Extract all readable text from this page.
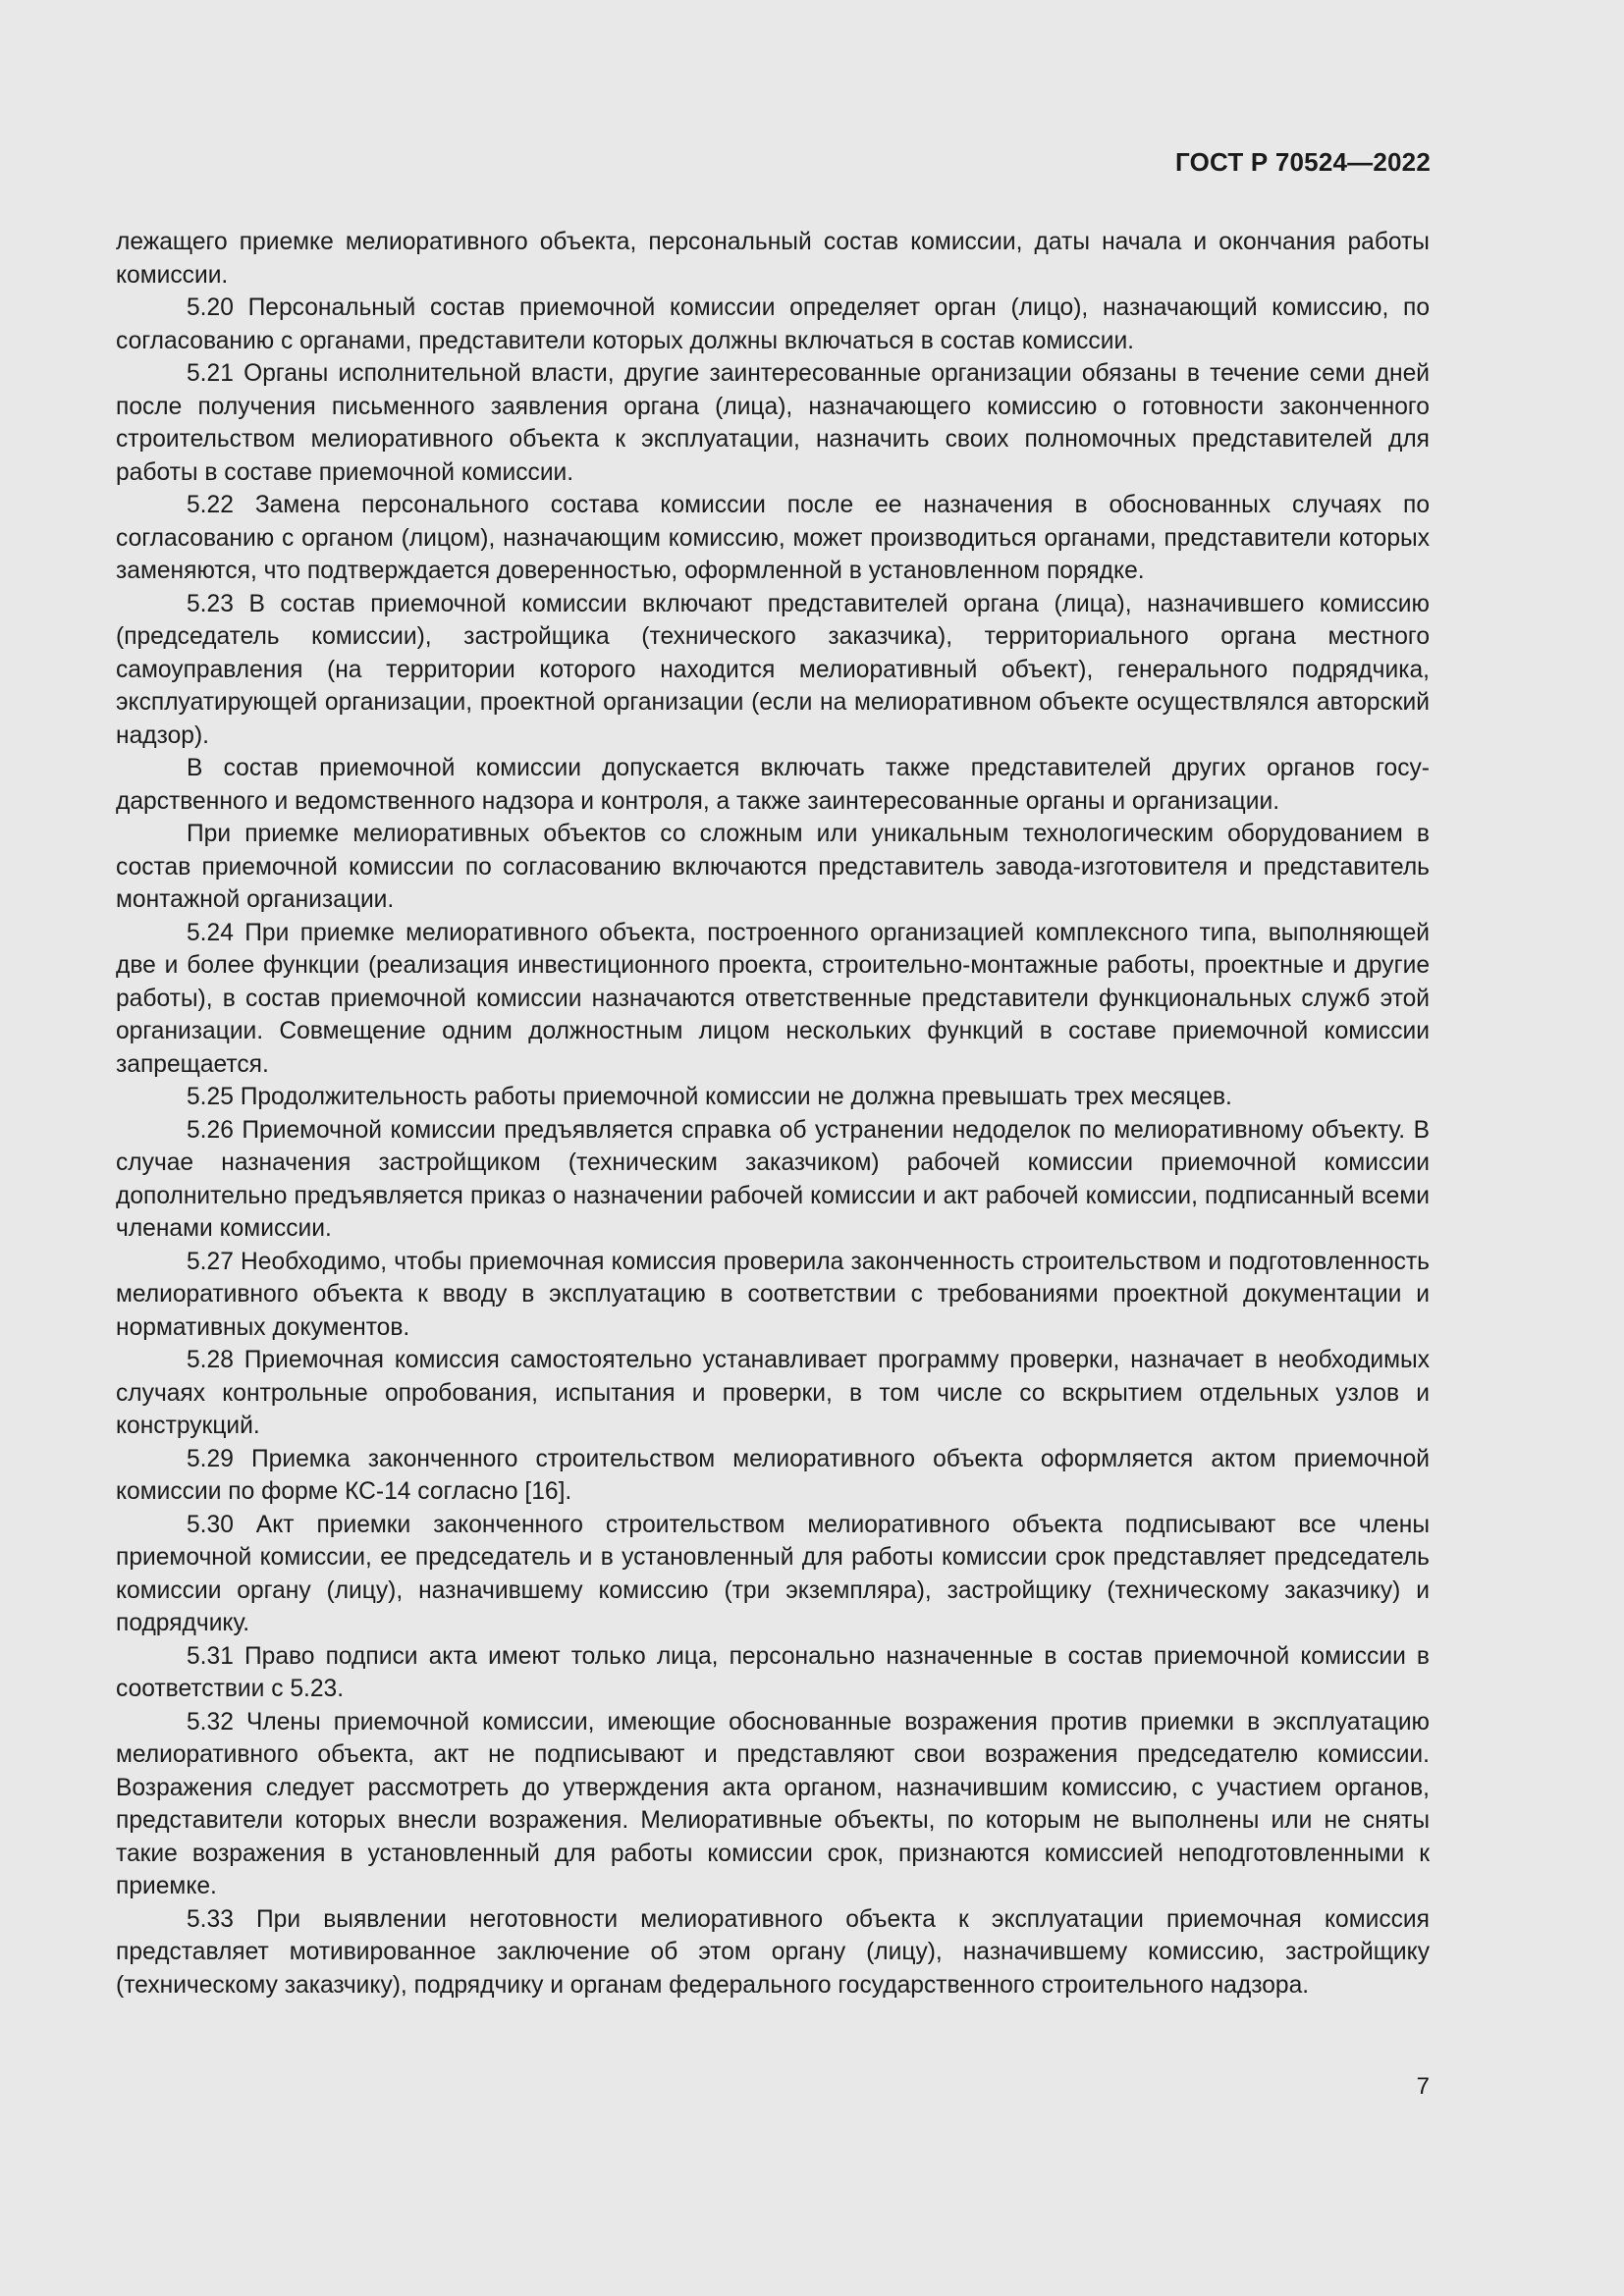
ГОСТ Р 70524—2022

лежащего приемке мелиоративного объекта, персональный состав комиссии, даты начала и окончания работы комиссии.

5.20 Персональный состав приемочной комиссии определяет орган (лицо), назначающий комиссию, по согласованию с органами, представители которых должны включаться в состав комиссии.

5.21 Органы исполнительной власти, другие заинтересованные организации обязаны в течение семи дней после получения письменного заявления органа (лица), назначающего комиссию о готовности законченного строительством мелиоративного объекта к эксплуатации, назначить своих полномочных представителей для работы в составе приемочной комиссии.

5.22 Замена персонального состава комиссии после ее назначения в обоснованных случаях по согласованию с органом (лицом), назначающим комиссию, может производиться органами, представители которых заменяются, что подтверждается доверенностью, оформленной в установленном порядке.

5.23 В состав приемочной комиссии включают представителей органа (лица), назначившего комиссию (председатель комиссии), застройщика (технического заказчика), территориального органа местного самоуправления (на территории которого находится мелиоративный объект), генерального подрядчика, эксплуатирующей организации, проектной организации (если на мелиоративном объекте осуществлялся авторский надзор).

В состав приемочной комиссии допускается включать также представителей других органов государственного и ведомственного надзора и контроля, а также заинтересованные органы и организации.

При приемке мелиоративных объектов со сложным или уникальным технологическим оборудованием в состав приемочной комиссии по согласованию включаются представитель завода-изготовителя и представитель монтажной организации.

5.24 При приемке мелиоративного объекта, построенного организацией комплексного типа, выполняющей две и более функции (реализация инвестиционного проекта, строительно-монтажные работы, проектные и другие работы), в состав приемочной комиссии назначаются ответственные представители функциональных служб этой организации. Совмещение одним должностным лицом нескольких функций в составе приемочной комиссии запрещается.

5.25 Продолжительность работы приемочной комиссии не должна превышать трех месяцев.

5.26 Приемочной комиссии предъявляется справка об устранении недоделок по мелиоративному объекту. В случае назначения застройщиком (техническим заказчиком) рабочей комиссии приемочной комиссии дополнительно предъявляется приказ о назначении рабочей комиссии и акт рабочей комиссии, подписанный всеми членами комиссии.

5.27 Необходимо, чтобы приемочная комиссия проверила законченность строительством и подготовленность мелиоративного объекта к вводу в эксплуатацию в соответствии с требованиями проектной документации и нормативных документов.

5.28 Приемочная комиссия самостоятельно устанавливает программу проверки, назначает в необходимых случаях контрольные опробования, испытания и проверки, в том числе со вскрытием отдельных узлов и конструкций.

5.29 Приемка законченного строительством мелиоративного объекта оформляется актом приемочной комиссии по форме КС-14 согласно [16].

5.30 Акт приемки законченного строительством мелиоративного объекта подписывают все члены приемочной комиссии, ее председатель и в установленный для работы комиссии срок представляет председатель комиссии органу (лицу), назначившему комиссию (три экземпляра), застройщику (техническому заказчику) и подрядчику.

5.31 Право подписи акта имеют только лица, персонально назначенные в состав приемочной комиссии в соответствии с 5.23.

5.32 Члены приемочной комиссии, имеющие обоснованные возражения против приемки в эксплуатацию мелиоративного объекта, акт не подписывают и представляют свои возражения председателю комиссии. Возражения следует рассмотреть до утверждения акта органом, назначившим комиссию, с участием органов, представители которых внесли возражения. Мелиоративные объекты, по которым не выполнены или не сняты такие возражения в установленный для работы комиссии срок, признаются комиссией неподготовленными к приемке.

5.33 При выявлении неготовности мелиоративного объекта к эксплуатации приемочная комиссия представляет мотивированное заключение об этом органу (лицу), назначившему комиссию, застройщику (техническому заказчику), подрядчику и органам федерального государственного строительного надзора.

7
